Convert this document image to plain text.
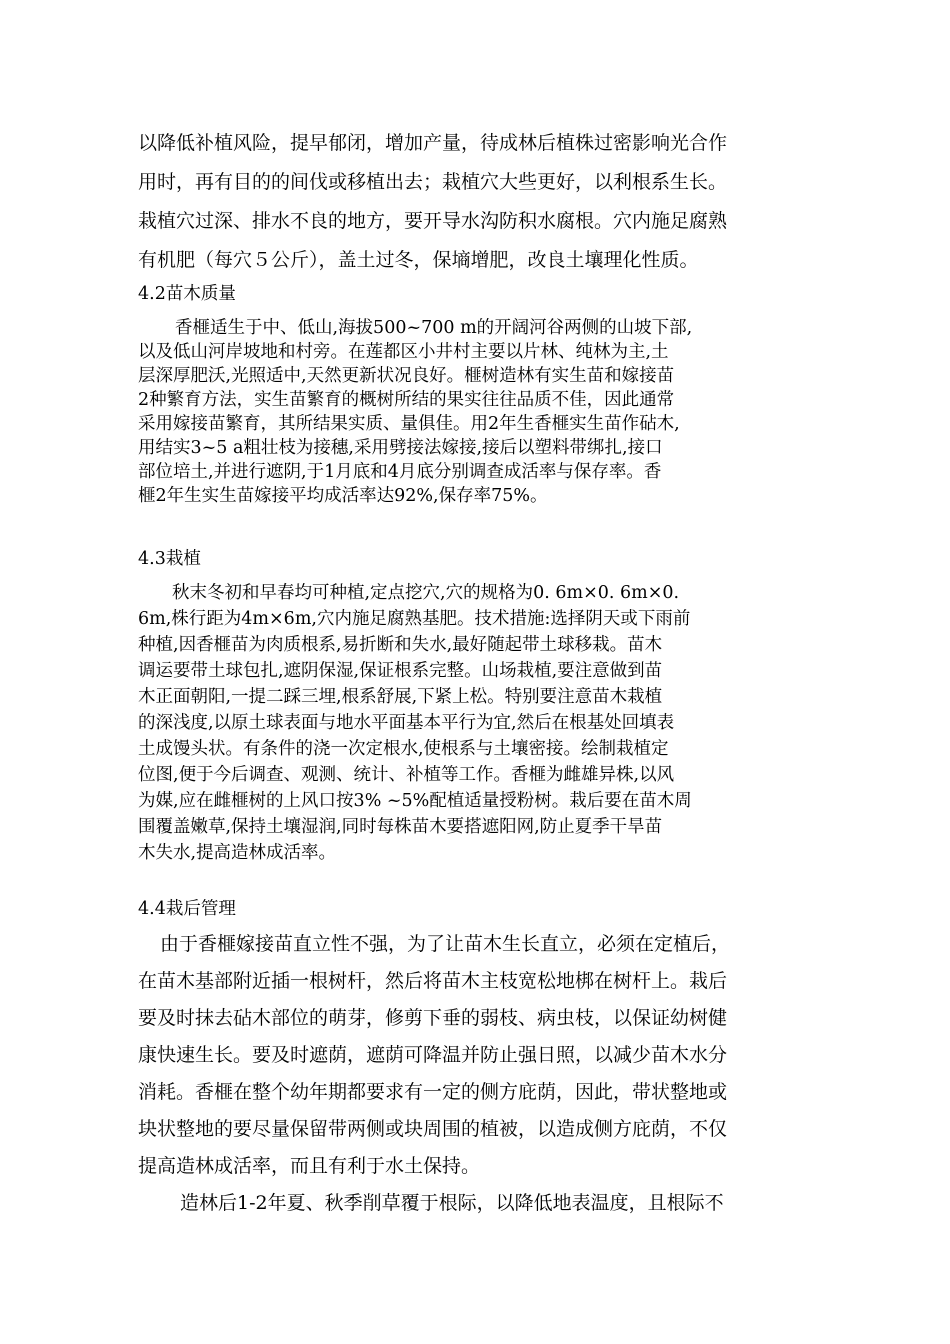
以降低补植风险，提早郁闭，增加产量，待成林后植株过密影响光合作
用时，再有目的的间伐或移植出去；栽植穴大些更好，以利根系生长。
栽植穴过深、排水不良的地方，要开导水沟防积水腐根。穴内施足腐熟
有机肥（每穴５公斤），盖土过冬，保墒增肥，改良土壤理化性质。
4.2苗木质量
香榧适生于中、低山,海拔500~700 m的开阔河谷两侧的山坡下部,
以及低山河岸坡地和村旁。在莲都区小井村主要以片林、纯林为主,土
层深厚肥沃,光照适中,天然更新状况良好。榧树造林有实生苗和嫁接苗
2种繁育方法，实生苗繁育的概树所结的果实往往品质不佳，因此通常
采用嫁接苗繁育，其所结果实质、量俱佳。用2年生香榧实生苗作砧木,
用结实3~5 a粗壮枝为接穗,采用劈接法嫁接,接后以塑料带绑扎,接口
部位培土,并进行遮阴,于1月底和4月底分别调查成活率与保存率。香
榧2年生实生苗嫁接平均成活率达92%,保存率75%。
4.3栽植
秋末冬初和早春均可种植,定点挖穴,穴的规格为0. 6m×0. 6m×0.
6m,株行距为4m×6m,穴内施足腐熟基肥。技术措施:选择阴天或下雨前
种植,因香榧苗为肉质根系,易折断和失水,最好随起带土球移栽。苗木
调运要带土球包扎,遮阴保湿,保证根系完整。山场栽植,要注意做到苗
木正面朝阳,一提二踩三埋,根系舒展,下紧上松。特别要注意苗木栽植
的深浅度,以原土球表面与地水平面基本平行为宜,然后在根基处回填表
土成馒头状。有条件的浇一次定根水,使根系与土壤密接。绘制栽植定
位图,便于今后调查、观测、统计、补植等工作。香榧为雌雄异株,以风
为媒,应在雌榧树的上风口按3% ~5%配植适量授粉树。栽后要在苗木周
围覆盖嫩草,保持土壤湿润,同时每株苗木要搭遮阳网,防止夏季干旱苗
木失水,提高造林成活率。
4.4栽后管理
由于香榧嫁接苗直立性不强，为了让苗木生长直立，必须在定植后，
在苗木基部附近插一根树杆，然后将苗木主枝宽松地梆在树杆上。栽后
要及时抹去砧木部位的萌芽，修剪下垂的弱枝、病虫枝，以保证幼树健
康快速生长。要及时遮荫，遮荫可降温并防止强日照，以减少苗木水分
消耗。香榧在整个幼年期都要求有一定的侧方庇荫，因此，带状整地或
块状整地的要尽量保留带两侧或块周围的植被，以造成侧方庇荫，不仅
提高造林成活率，而且有利于水土保持。
造林后1-2年夏、秋季削草覆于根际，以降低地表温度，且根际不
